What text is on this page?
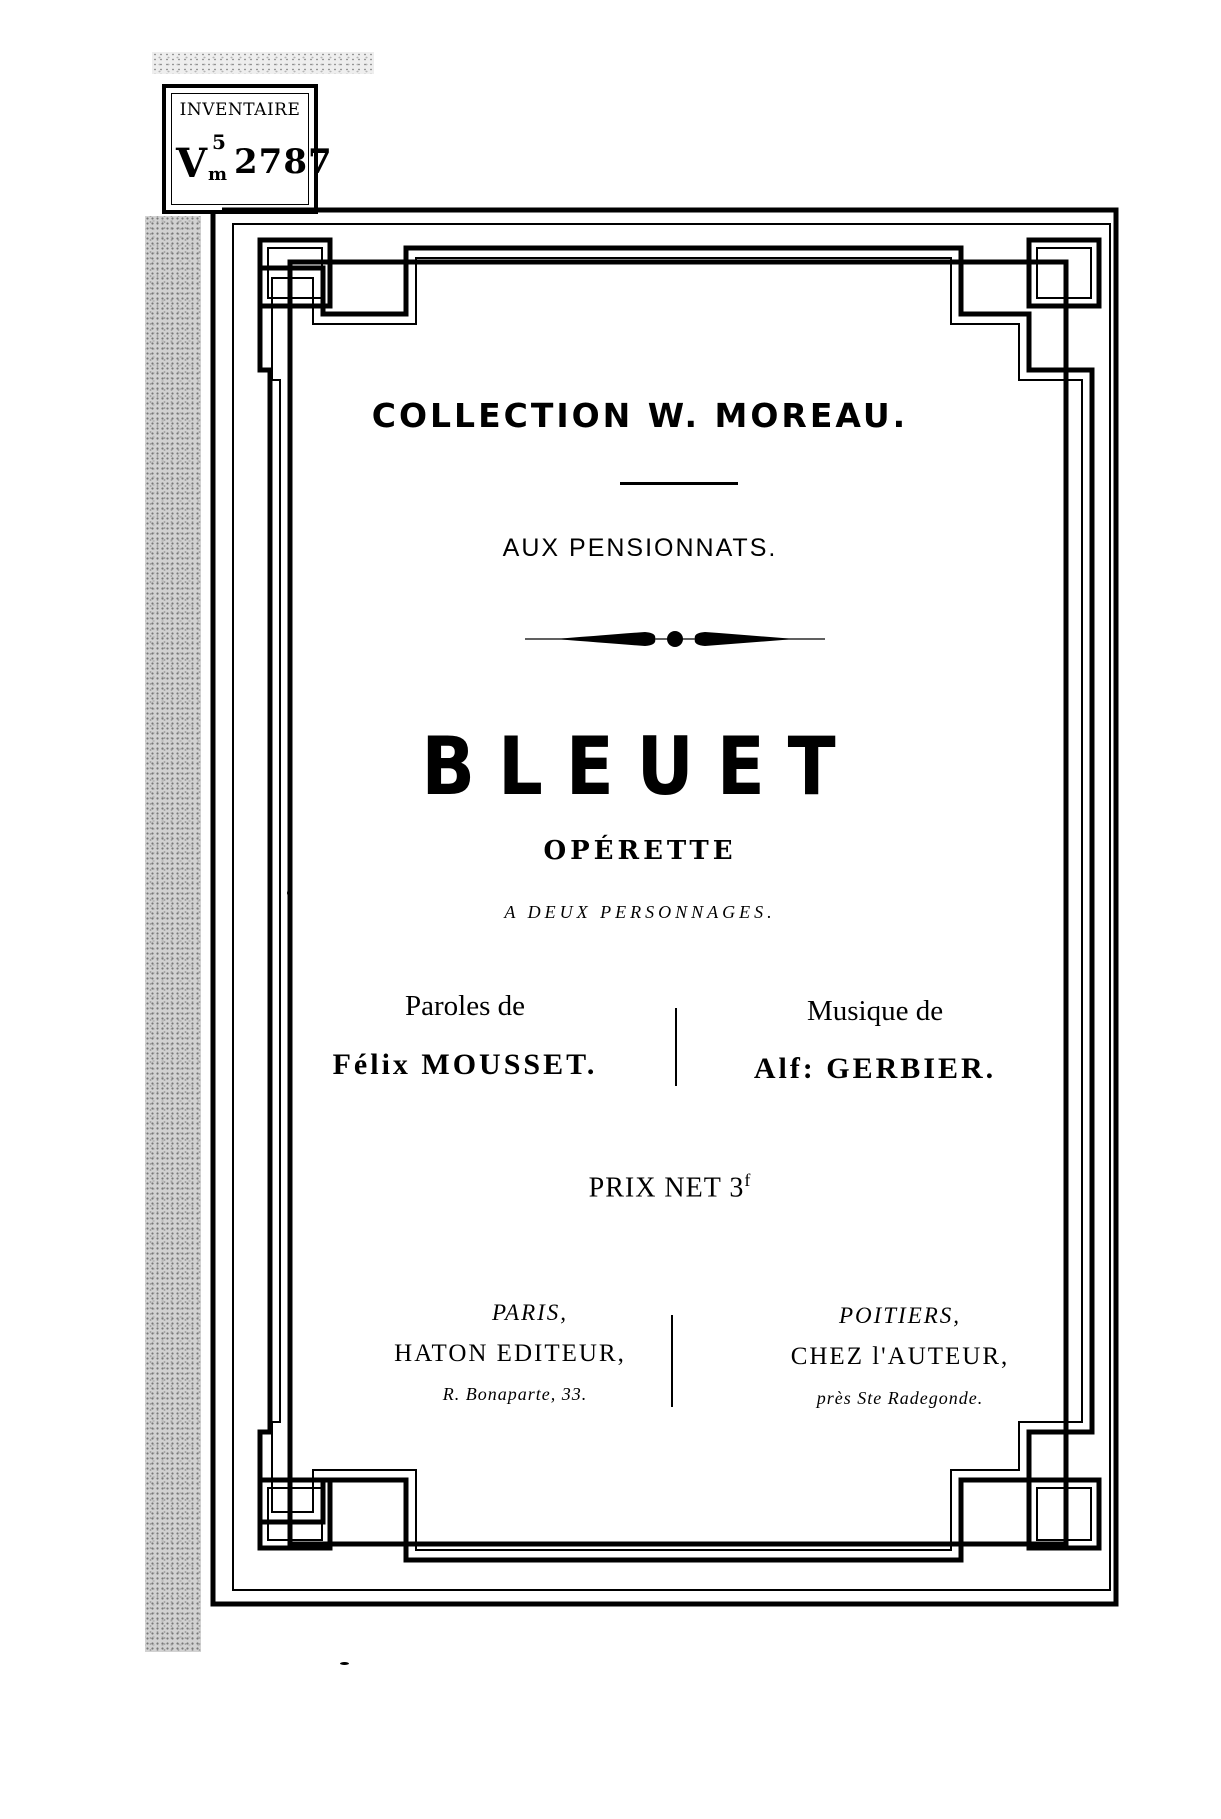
INVENTAIRE
V 5
m 2787
COLLECTION W. MOREAU.
AUX PENSIONNATS.
BLEUET
OPÉRETTE
A DEUX PERSONNAGES.
Paroles de
Félix MOUSSET.
Musique de
Alf: GERBIER.
PRIX NET 3$^f$
PARIS,
HATON EDITEUR,
R. Bonaparte, 33.
POITIERS,
CHEZ l'AUTEUR,
près Ste Radegonde.
